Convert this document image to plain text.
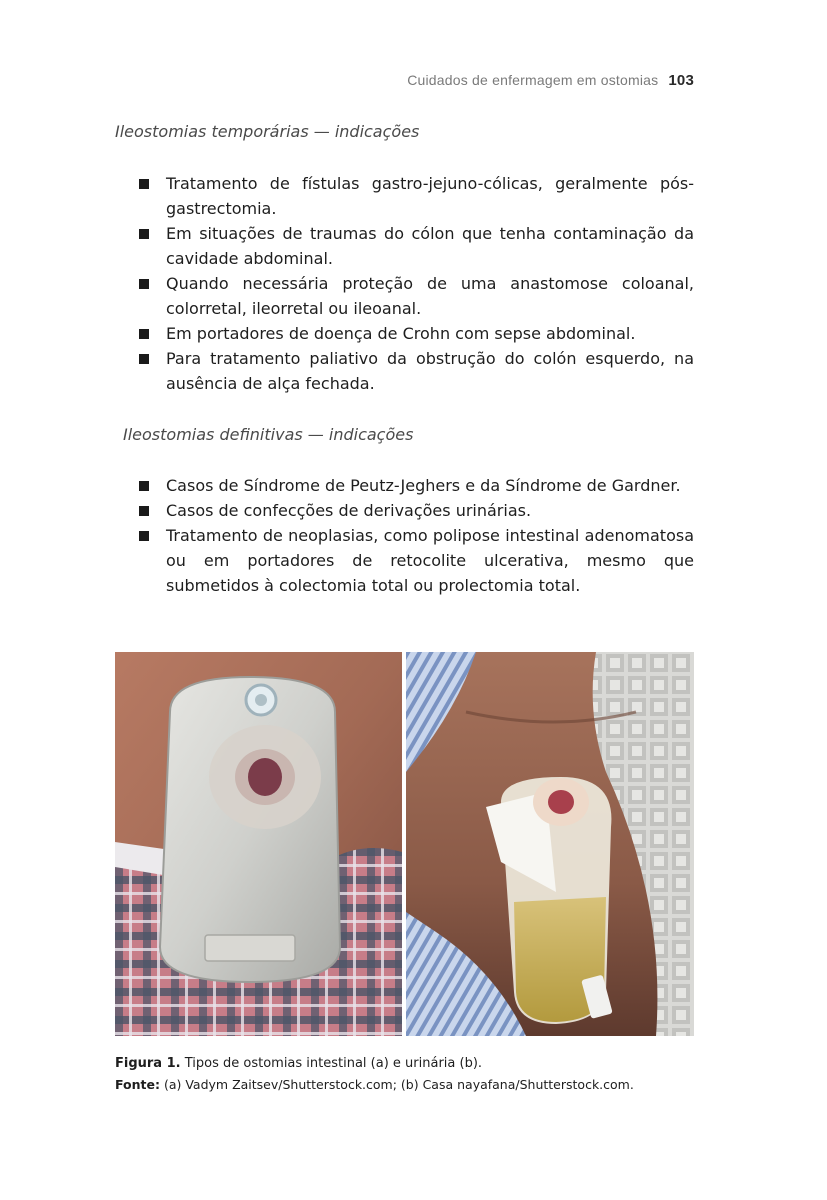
Cuidados de enfermagem em ostomias 103
Ileostomias temporárias — indicações
Tratamento de fístulas gastro-jejuno-cólicas, geralmente pós-gastrectomia.
Em situações de traumas do cólon que tenha contaminação da cavidade abdominal.
Quando necessária proteção de uma anastomose coloanal, colorretal, ileorretal ou ileoanal.
Em portadores de doença de Crohn com sepse abdominal.
Para tratamento paliativo da obstrução do colón esquerdo, na ausência de alça fechada.
Ileostomias definitivas — indicações
Casos de Síndrome de Peutz-Jeghers e da Síndrome de Gardner.
Casos de confecções de derivações urinárias.
Tratamento de neoplasias, como polipose intestinal adenomatosa ou em portadores de retocolite ulcerativa, mesmo que submetidos à colectomia total ou prolectomia total.
Figura 1. Tipos de ostomias intestinal (a) e urinária (b).
Fonte: (a) Vadym Zaitsev/Shutterstock.com; (b) Casa nayafana/Shutterstock.com.
